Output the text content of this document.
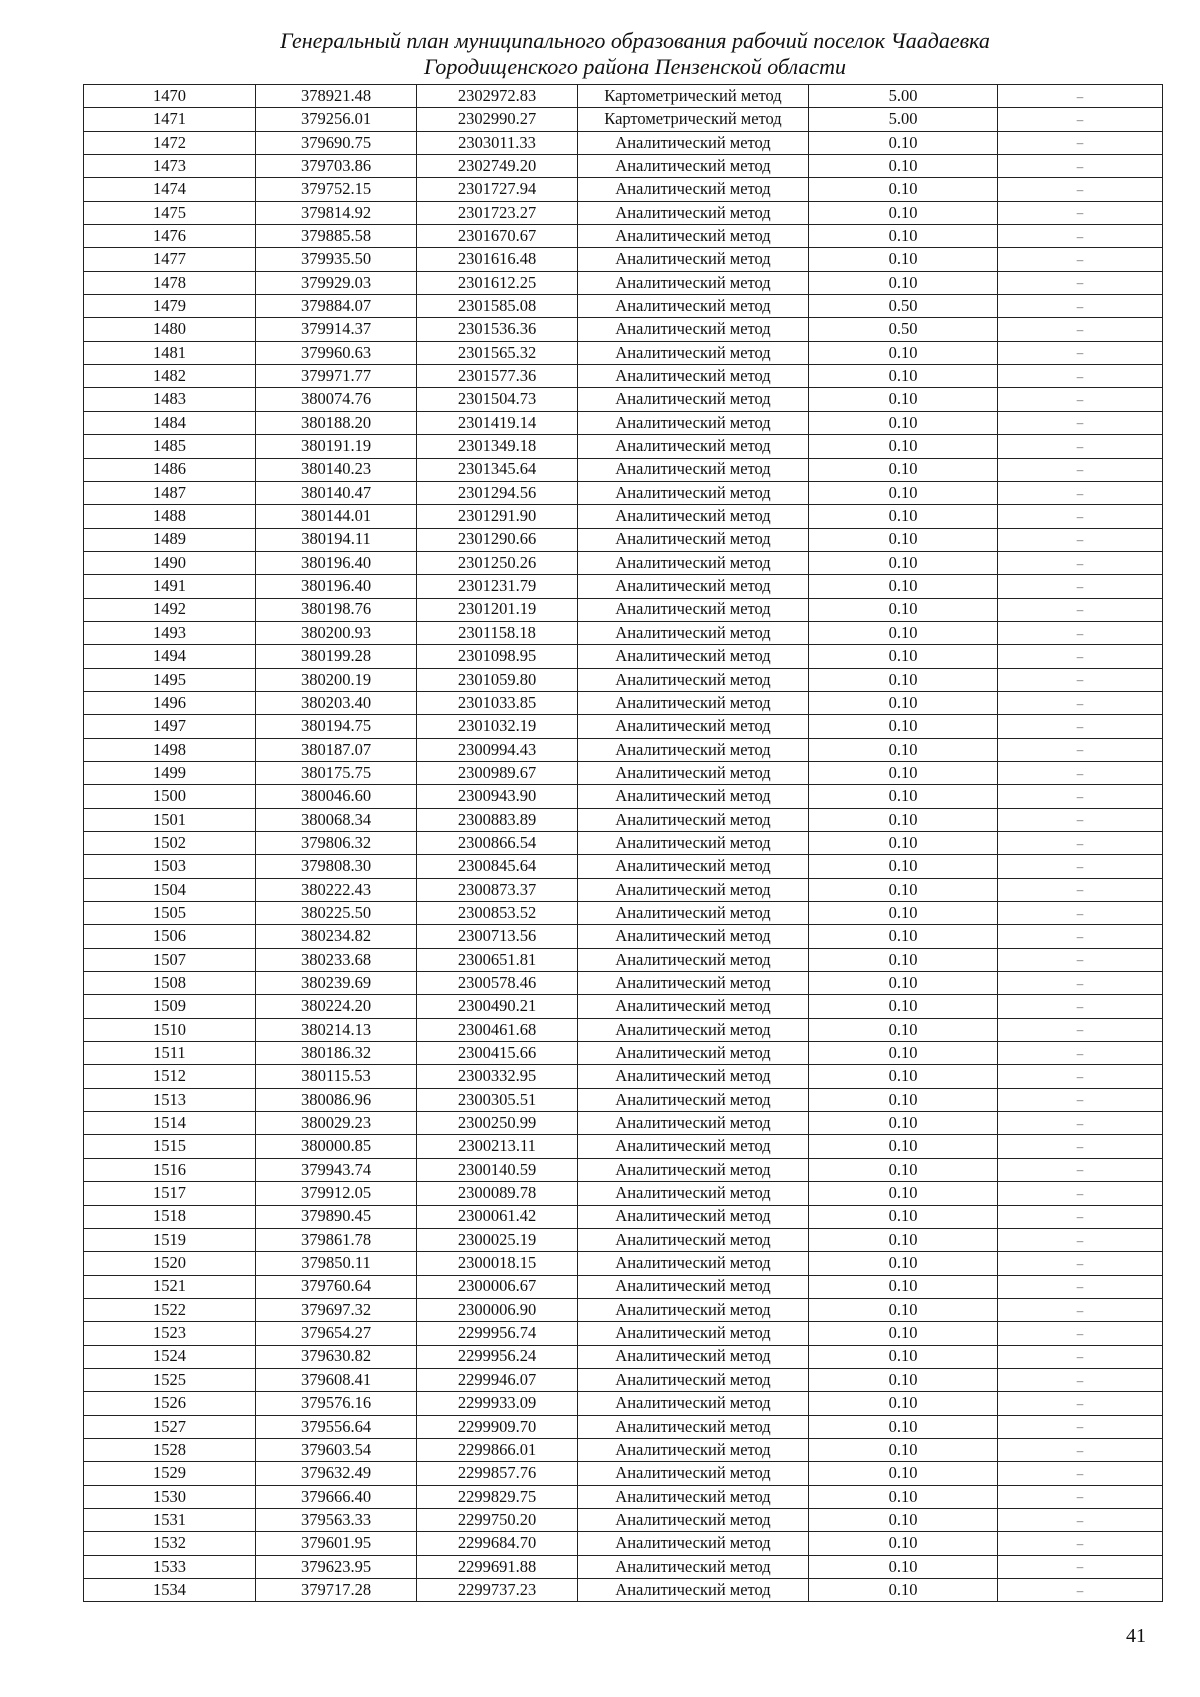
Генеральный план муниципального образования рабочий поселок Чаадаевка
Городищенского района Пензенской области
1470	378921.48	2302972.83	Картометрический метод	5.00	–
1471	379256.01	2302990.27	Картометрический метод	5.00	–
1472	379690.75	2303011.33	Аналитический метод	0.10	–
1473	379703.86	2302749.20	Аналитический метод	0.10	–
1474	379752.15	2301727.94	Аналитический метод	0.10	–
1475	379814.92	2301723.27	Аналитический метод	0.10	–
1476	379885.58	2301670.67	Аналитический метод	0.10	–
1477	379935.50	2301616.48	Аналитический метод	0.10	–
1478	379929.03	2301612.25	Аналитический метод	0.10	–
1479	379884.07	2301585.08	Аналитический метод	0.50	–
1480	379914.37	2301536.36	Аналитический метод	0.50	–
1481	379960.63	2301565.32	Аналитический метод	0.10	–
1482	379971.77	2301577.36	Аналитический метод	0.10	–
1483	380074.76	2301504.73	Аналитический метод	0.10	–
1484	380188.20	2301419.14	Аналитический метод	0.10	–
1485	380191.19	2301349.18	Аналитический метод	0.10	–
1486	380140.23	2301345.64	Аналитический метод	0.10	–
1487	380140.47	2301294.56	Аналитический метод	0.10	–
1488	380144.01	2301291.90	Аналитический метод	0.10	–
1489	380194.11	2301290.66	Аналитический метод	0.10	–
1490	380196.40	2301250.26	Аналитический метод	0.10	–
1491	380196.40	2301231.79	Аналитический метод	0.10	–
1492	380198.76	2301201.19	Аналитический метод	0.10	–
1493	380200.93	2301158.18	Аналитический метод	0.10	–
1494	380199.28	2301098.95	Аналитический метод	0.10	–
1495	380200.19	2301059.80	Аналитический метод	0.10	–
1496	380203.40	2301033.85	Аналитический метод	0.10	–
1497	380194.75	2301032.19	Аналитический метод	0.10	–
1498	380187.07	2300994.43	Аналитический метод	0.10	–
1499	380175.75	2300989.67	Аналитический метод	0.10	–
1500	380046.60	2300943.90	Аналитический метод	0.10	–
1501	380068.34	2300883.89	Аналитический метод	0.10	–
1502	379806.32	2300866.54	Аналитический метод	0.10	–
1503	379808.30	2300845.64	Аналитический метод	0.10	–
1504	380222.43	2300873.37	Аналитический метод	0.10	–
1505	380225.50	2300853.52	Аналитический метод	0.10	–
1506	380234.82	2300713.56	Аналитический метод	0.10	–
1507	380233.68	2300651.81	Аналитический метод	0.10	–
1508	380239.69	2300578.46	Аналитический метод	0.10	–
1509	380224.20	2300490.21	Аналитический метод	0.10	–
1510	380214.13	2300461.68	Аналитический метод	0.10	–
1511	380186.32	2300415.66	Аналитический метод	0.10	–
1512	380115.53	2300332.95	Аналитический метод	0.10	–
1513	380086.96	2300305.51	Аналитический метод	0.10	–
1514	380029.23	2300250.99	Аналитический метод	0.10	–
1515	380000.85	2300213.11	Аналитический метод	0.10	–
1516	379943.74	2300140.59	Аналитический метод	0.10	–
1517	379912.05	2300089.78	Аналитический метод	0.10	–
1518	379890.45	2300061.42	Аналитический метод	0.10	–
1519	379861.78	2300025.19	Аналитический метод	0.10	–
1520	379850.11	2300018.15	Аналитический метод	0.10	–
1521	379760.64	2300006.67	Аналитический метод	0.10	–
1522	379697.32	2300006.90	Аналитический метод	0.10	–
1523	379654.27	2299956.74	Аналитический метод	0.10	–
1524	379630.82	2299956.24	Аналитический метод	0.10	–
1525	379608.41	2299946.07	Аналитический метод	0.10	–
1526	379576.16	2299933.09	Аналитический метод	0.10	–
1527	379556.64	2299909.70	Аналитический метод	0.10	–
1528	379603.54	2299866.01	Аналитический метод	0.10	–
1529	379632.49	2299857.76	Аналитический метод	0.10	–
1530	379666.40	2299829.75	Аналитический метод	0.10	–
1531	379563.33	2299750.20	Аналитический метод	0.10	–
1532	379601.95	2299684.70	Аналитический метод	0.10	–
1533	379623.95	2299691.88	Аналитический метод	0.10	–
1534	379717.28	2299737.23	Аналитический метод	0.10	–
41
